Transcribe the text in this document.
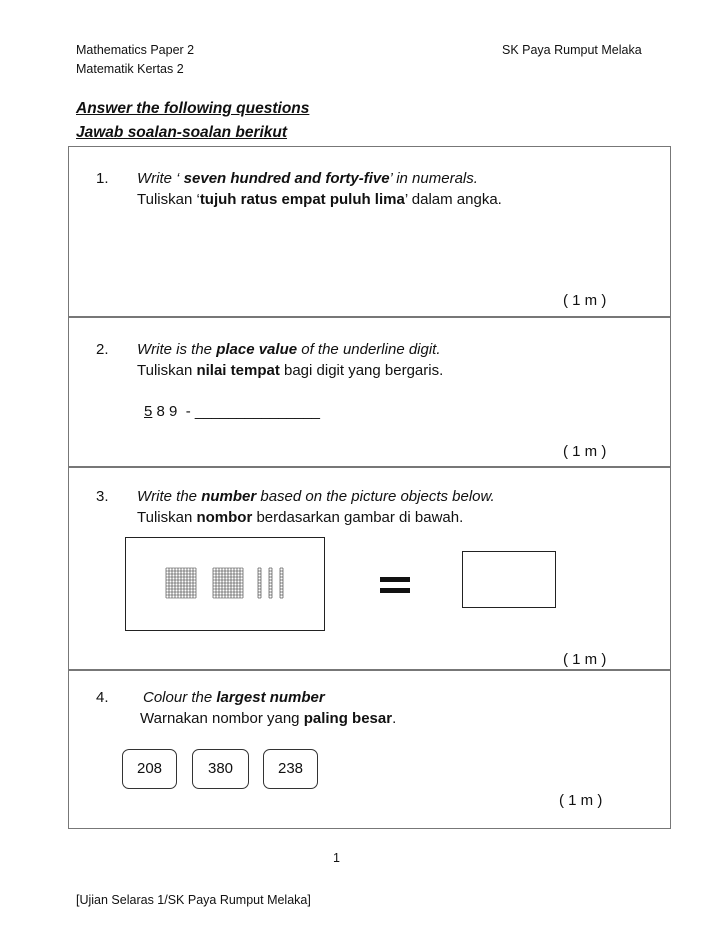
Mathematics Paper 2	SK Paya Rumput Melaka
Matematik Kertas 2
Answer the following questions
Jawab soalan-soalan berikut
1. Write ‘ seven hundred and forty-five’ in numerals.
Tuliskan ‘tujuh ratus empat puluh lima’ dalam angka.
( 1 m )
2. Write is the place value of the underline digit.
Tuliskan nilai tempat bagi digit yang bergaris.
5 8 9  - _______________
( 1 m )
3. Write the number based on the picture objects below.
Tuliskan nombor berdasarkan gambar di bawah.
( 1 m )
4. Colour the largest number
Warnakan nombor yang paling besar.
208	380	238
( 1 m )
1
[Ujian Selaras 1/SK Paya Rumput Melaka]
